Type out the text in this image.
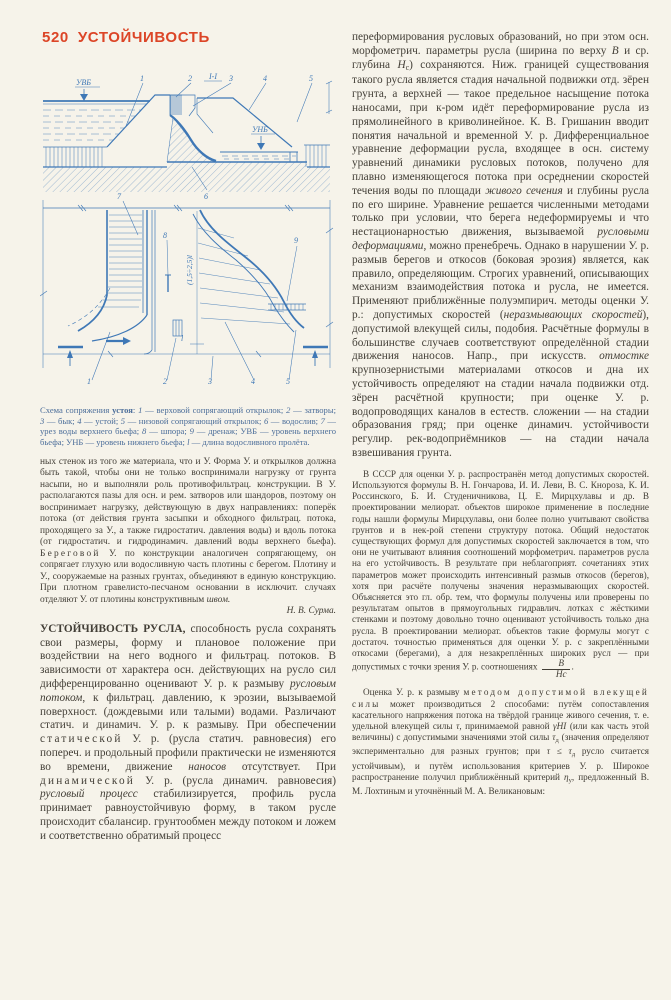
520 УСТОЙЧИВОСТЬ
1	2 I-I 3	4	5
УВБ
УНБ
6
7
8
9
(1,5÷2,5)l
l
1	2	3	4	5
Схема сопряжения устоя: 1 — верховой сопрягающий открылок; 2 — затворы; 3 — бык; 4 — устой; 5 — низовой сопрягающий открылок; 6 — водослив; 7 — урез воды верхнего бьефа; 8 — шпора; 9 — дренаж; УВБ — уровень верхнего бьефа; УНБ — уровень нижнего бьефа; l — длина водосливного пролёта.

ных стенок из того же материала, что и У. Форма У. и открылков должна быть такой, чтобы они не только воспринимали нагрузку от грунта насыпи, но и выполняли роль противофильтрац. конструкции. В У. располагаются пазы для осн. и рем. затворов или шандоров, поэтому он воспринимает нагрузку, действующую в двух направлениях: поперёк потока (от действия грунта засыпки и обходного фильтрац. потока, проходящего за У., а также гидростатич. давления воды) и вдоль потока (от гидростатич. и гидродинамич. давлений воды верхнего бьефа). Береговой У. по конструкции аналогичен сопрягающему, он сопрягает глухую или водосливную часть плотины с берегом. Плотину и У., сооружаемые на разных грунтах, объединяют в единую конструкцию. При плотном гравелисто-песчаном основании в исключит. случаях отделяют У. от плотины конструктивным швом.

Н. В. Сурма.

УСТОЙЧИВОСТЬ РУСЛА, способность русла сохранять свои размеры, форму и плановое положение при воздействии на него водного и фильтрац. потоков. В зависимости от характера осн. действующих на русло сил дифференцированно оценивают У. р. к размыву русловым потоком, к фильтрац. давлению, к эрозии, вызываемой поверхност. (дождевыми или талыми) водами. Различают статич. и динамич. У. р. к размыву. При обеспечении статической У. р. (русла статич. равновесия) его попереч. и продольный профили практически не изменяются во времени, движение наносов отсутствует. При динамической У. р. (русла динамич. равновесия) русловый процесс стабилизируется, профиль русла принимает равноустойчивую форму, в таком русле происходит сбалансир. грунтообмен между потоком и ложем и соответственно обратимый процесс

переформирования русловых образований, но при этом осн. морфометрич. параметры русла (ширина по верху B и ср. глубина Hс) сохраняются. Ниж. границей существования такого русла является стадия начальной подвижки отд. зёрен грунта, а верхней — такое предельное насыщение потока наносами, при к-ром идёт переформирование русла из прямолинейного в криволинейное. К. В. Гришанин вводит понятия начальной и временной У. р. Дифференциальное уравнение деформации русла, входящее в осн. систему уравнений динамики русловых потоков, получено для плавно изменяющегося потока при осреднении скоростей течения воды по площади живого сечения и глубины русла по его ширине. Уравнение решается численными методами только при условии, что берега недеформируемы и что нестационарностью движения, вызываемой русловыми деформациями, можно пренебречь. Однако в нарушении У. р. размыв берегов и откосов (боковая эрозия) является, как правило, определяющим. Строгих уравнений, описывающих механизм взаимодействия потока и русла, не имеется. Применяют приближённые полуэмпирич. методы оценки У. р.: допустимых скоростей (неразмывающих скоростей), допустимой влекущей силы, подобия. Расчётные формулы в большинстве случаев соответствуют определённой стадии движения наносов. Напр., при искусств. отмостке крупнозернистыми материалами откосов и дна их устойчивость определяют на стадии начала подвижки отд. зёрен расчётной крупности; при оценке У. р. водопроводящих каналов в естеств. сложении — на стадии образования гряд; при оценке динамич. устойчивости регулир. рек-водоприёмников — на стадии начала взвешивания грунта.

В СССР для оценки У. р. распространён метод допустимых скоростей. Используются формулы В. Н. Гончарова, И. И. Леви, В. С. Кнороза, К. И. Россинского, Б. И. Студеничникова, Ц. Е. Мирцхулавы и др. В проектировании мелиорат. объектов широкое применение в последние годы нашли формулы Мирцхулавы, они более полно учитывают свойства грунтов и в нек-рой степени структуру потока. Общий недостаток существующих формул для допустимых скоростей заключается в том, что они не учитывают влияния соотношений морфометрич. параметров русла на его устойчивость. В результате при неблагоприят. сочетаниях этих параметров может происходить интенсивный размыв откосов (берегов), хотя при расчёте получены значения неразмывающих скоростей. Объясняется это гл. обр. тем, что формулы получены или проверены по результатам опытов в прямоугольных гидравлич. лотках с жёсткими стенками и поэтому довольно точно оценивают устойчивость только дна русла. В проектировании мелиорат. объектов такие формулы могут с достаточ. точностью применяться для оценки У. р. с закреплёнными откосами (берегами), а для незакреплённых широких русл — при допустимых с точки зрения У. р. соотношениях $\frac{B}{Hс}$ .

Оценка У. р. к размыву методом допустимой влекущей силы может производиться 2 способами: путём сопоставления касательного напряжения потока на твёрдой границе живого сечения, т. е. удельной влекущей силы τ, принимаемой равной γHI (или как часть этой величины) с допустимыми значениями этой силы $\tau_д$ (значения определяют экспериментально для разных грунтов; при $\tau \le \tau_д$ русло считается устойчивым), и путём использования критериев У. р. Широкое распространение получил приближённый критерий $\eta_у$, предложенный В. М. Лохтиным и уточнённый М. А. Великановым:
